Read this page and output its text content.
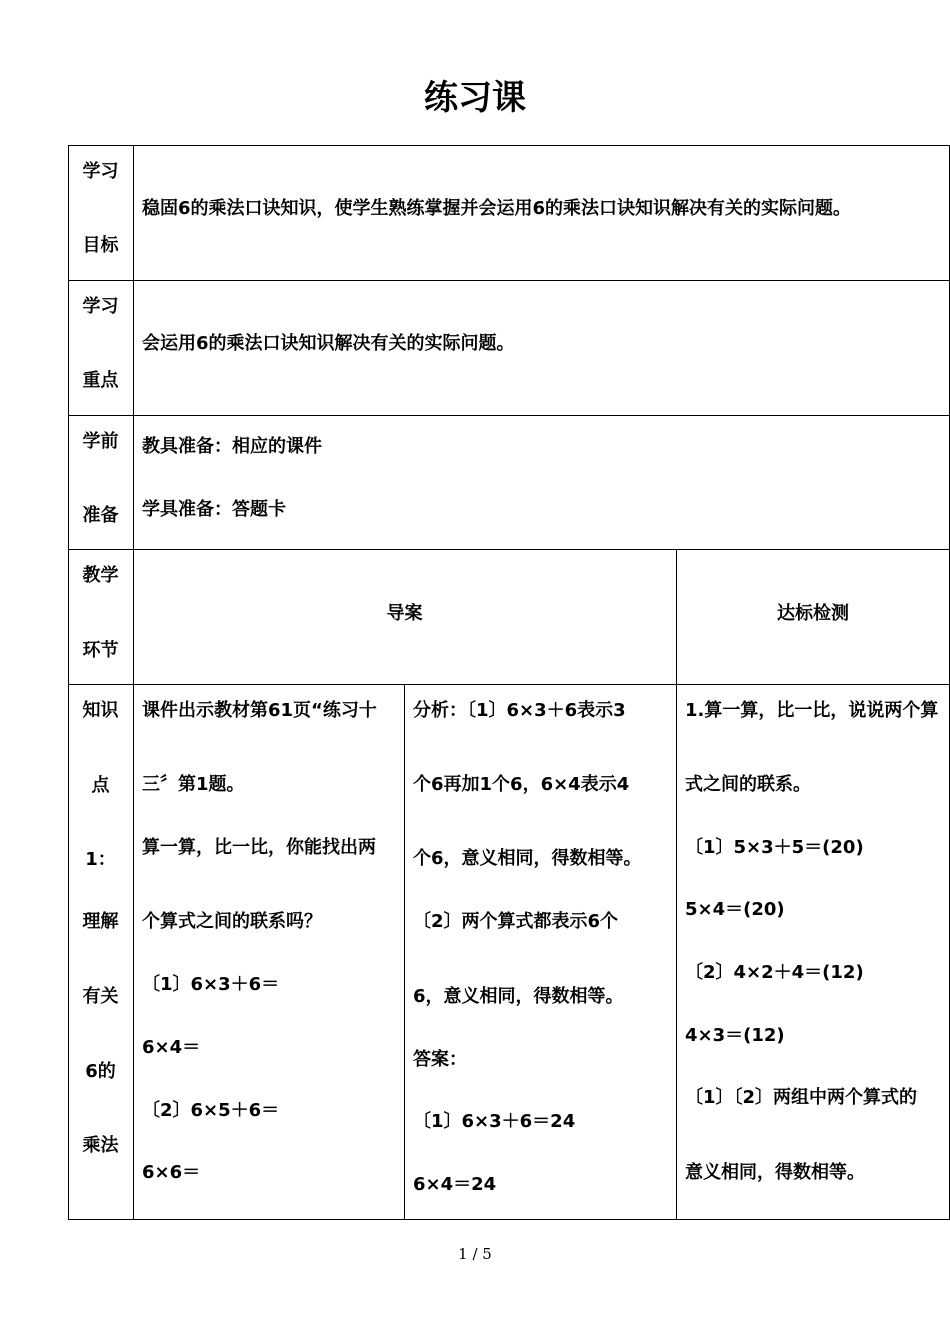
练习课
学习
目标
稳固6的乘法口诀知识，使学生熟练掌握并会运用6的乘法口诀知识解决有关的实际问题。
学习
重点
会运用6的乘法口诀知识解决有关的实际问题。
学前
准备
教具准备：相应的课件
学具准备：答题卡
教学
环节
导案	达标检测
知识
点
1：
理解
有关
6的
乘法
课件出示教材第61页“练习十
三〞第1题。
算一算，比一比，你能找出两
个算式之间的联系吗？
〔1〕6×3＋6＝
6×4＝
〔2〕6×5＋6＝
6×6＝
分析：〔1〕6×3＋6表示3
个6再加1个6，6×4表示4
个6，意义相同，得数相等。
〔2〕两个算式都表示6个
6，意义相同，得数相等。
答案：
〔1〕6×3＋6＝24
6×4＝24
1.算一算，比一比，说说两个算
式之间的联系。
〔1〕5×3＋5＝(20)
5×4＝(20)
〔2〕4×2＋4＝(12)
4×3＝(12)
〔1〕〔2〕两组中两个算式的
意义相同，得数相等。
1 / 5
